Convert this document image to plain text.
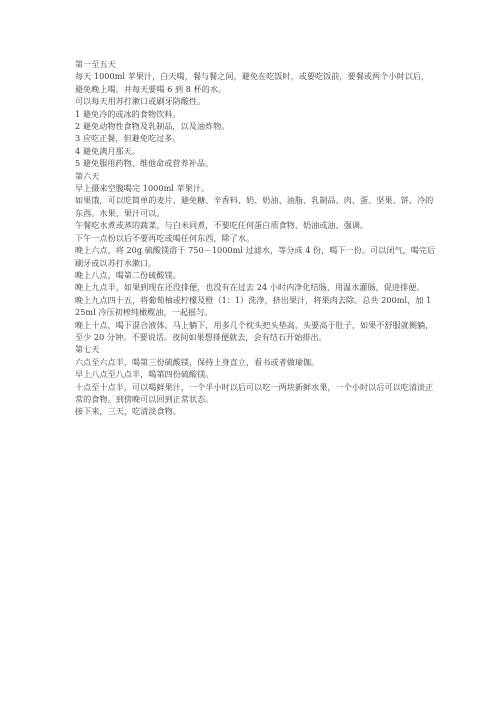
第一至五天

每天 1000ml 苹果汁，白天喝，餐与餐之间，避免在吃饭时，或要吃饭前，要餐或两个小时以后，避免晚上喝，并每天要喝 6 到 8 杯的水。

可以每天用苏打漱口或刷牙防酸性。

1 避免冷的或冰的食物饮料。

2 避免动物性食物及乳制品，以及油炸物。

3 应吃正餐，但避免吃过多。

4 避免满月那天。

5 避免服用药物、维他命或营养补品。

第六天

早上摄来空腹喝完 1000ml 苹果汁。

如果饿，可以吃简单的麦片、避免糖、辛香料、奶、奶油、油脂、乳制品、肉、蛋、坚果、饼、冷的东西。水果、果汁可以。

午餐吃水煮或蒸的蔬菜，与白米同煮，不要吃任何蛋白质食物、奶油或油、强调。

下午一点扮以后不要再吃或喝任何东西，除了水。

晚上六点，将 20g 硫酸镁溶于 750－1000ml 过滤水，等分成 4 份，喝下一份。可以闭气，喝完后刷牙或以苏打水漱口。

晚上八点，喝第二份硫酸镁。

晚上九点半，如果到现在还没排便，也没有在过去 24 小时内净化结肠，用温水灌肠，促进排便。

晚上九点四十五，将葡萄柚或柠檬及橙（1：1）洗净，挤出果汁，将果肉去除。总共 200ml，加 125ml 冷压初榨纯橄榄油，一起摇匀。

晚上十点，喝下混合液体，马上躺下，用多几个枕头把头垫高，头要高于肚子，如果不舒服就侧躺，至少 20 分钟。不要说话。夜间如果想排便就去，会有结石开始排出。

第七天

六点至六点半，喝第三份硫酸镁，保持上身直立，看书或者做瑜伽。

早上八点至八点半，喝第四份硫酸镁。

十点至十点半，可以喝鲜果汁，一个半小时以后可以吃一两块新鲜水果，一个小时以后可以吃清淡正常的食物。到傍晚可以回到正常状态。

接下来，三天，吃清淡食物。
